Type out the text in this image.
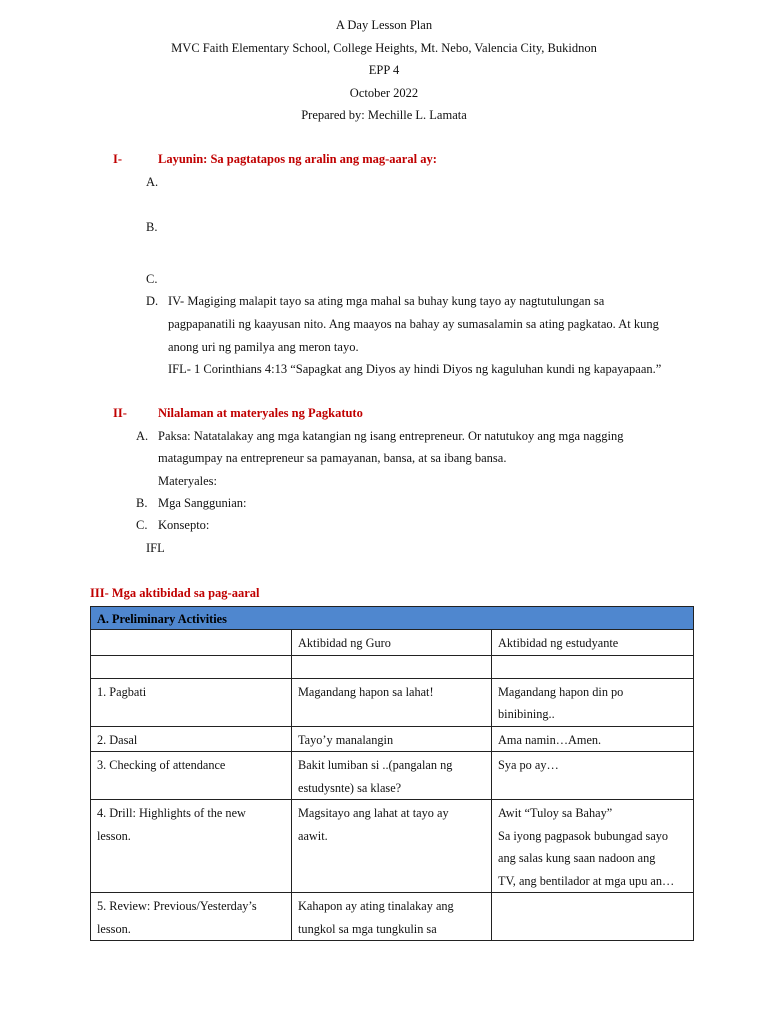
A Day Lesson Plan
MVC Faith Elementary School, College Heights, Mt. Nebo, Valencia City, Bukidnon
EPP 4
October 2022
Prepared by: Mechille L. Lamata
I-	Layunin: Sa pagtatapos ng aralin ang mag-aaral ay:
A.
B.
C.
D. IV- Magiging malapit tayo sa ating mga mahal sa buhay kung tayo ay nagtutulungan sa
pagpapanatili ng kaayusan nito. Ang maayos na bahay ay sumasalamin sa ating pagkatao. At kung
anong uri ng pamilya ang meron tayo.
IFL- 1 Corinthians 4:13 “Sapagkat ang Diyos ay hindi Diyos ng kaguluhan kundi ng kapayapaan.”
II- Nilalaman at materyales ng Pagkatuto
A. Paksa: Natatalakay ang mga katangian ng isang entrepreneur. Or natutukoy ang mga nagging
matagumpay na entrepreneur sa pamayanan, bansa, at sa ibang bansa.
Materyales:
B. Mga Sanggunian:
C. Konsepto:
IFL
III- Mga aktibidad sa pag-aaral
A. Preliminary Activities		
	Aktibidad ng Guro	Aktibidad ng estudyante

1. Pagbati	Magandang hapon sa lahat!	Magandang hapon din po
binibining..
2. Dasal	Tayo’y manalangin	Ama namin…Amen.
3. Checking of attendance	Bakit lumiban si ..(pangalan ng
estudysnte) sa klase?	Sya po ay…
4. Drill: Highlights of the new
lesson.	Magsitayo ang lahat at tayo ay
aawit.	Awit “Tuloy sa Bahay”
Sa iyong pagpasok bubungad sayo
ang salas kung saan nadoon ang
TV, ang bentilador at mga upu an…
5. Review: Previous/Yesterday’s
lesson.	Kahapon ay ating tinalakay ang
tungkol sa mga tungkulin sa	
